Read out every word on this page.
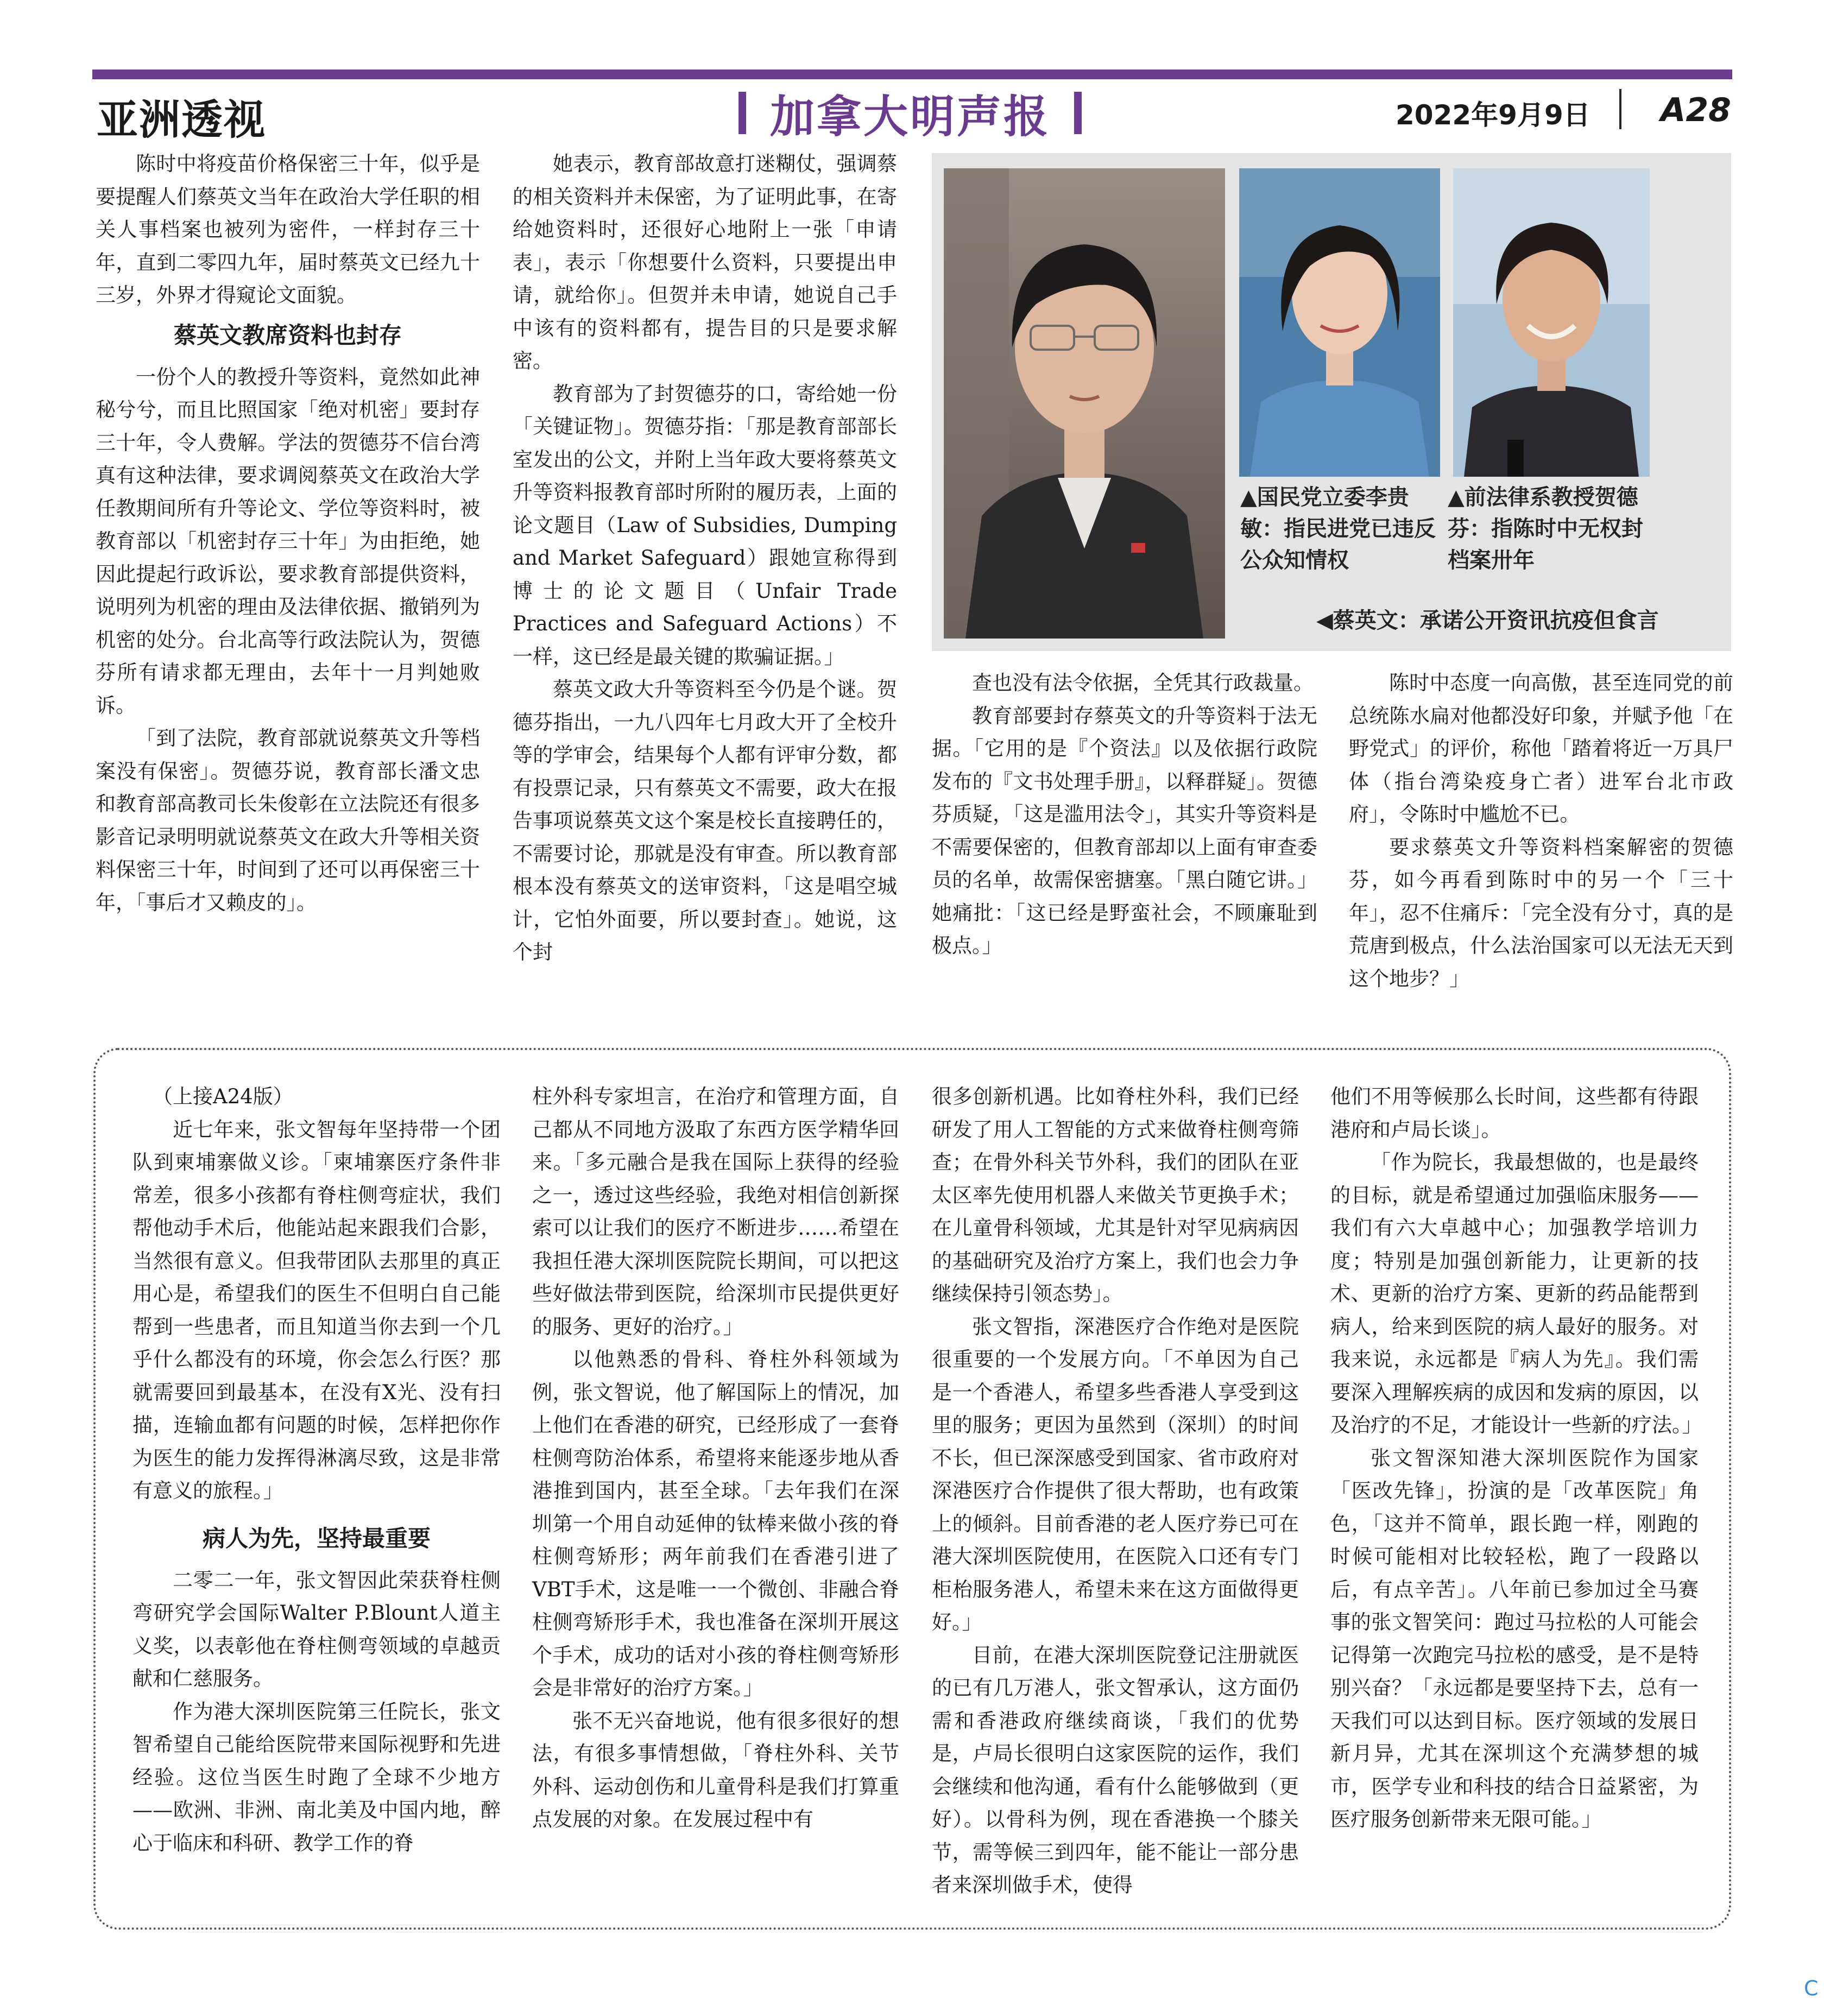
亚洲透视	加拿大明声报	2022年9月9日 A28

陈时中将疫苗价格保密三十年，似乎是要提醒人们蔡英文当年在政治大学任职的相关人事档案也被列为密件，一样封存三十年，直到二零四九年，届时蔡英文已经九十三岁，外界才得窥论文面貌。

蔡英文教席资料也封存

一份个人的教授升等资料，竟然如此神秘兮兮，而且比照国家「绝对机密」要封存三十年，令人费解。学法的贺德芬不信台湾真有这种法律，要求调阅蔡英文在政治大学任教期间所有升等论文、学位等资料时，被教育部以「机密封存三十年」为由拒绝，她因此提起行政诉讼，要求教育部提供资料，说明列为机密的理由及法律依据、撤销列为机密的处分。台北高等行政法院认为，贺德芬所有请求都无理由，去年十一月判她败诉。

「到了法院，教育部就说蔡英文升等档案没有保密」。贺德芬说，教育部长潘文忠和教育部高教司长朱俊彰在立法院还有很多影音记录明明就说蔡英文在政大升等相关资料保密三十年，时间到了还可以再保密三十年，「事后才又赖皮的」。

她表示，教育部故意打迷糊仗，强调蔡的相关资料并未保密，为了证明此事，在寄给她资料时，还很好心地附上一张「申请表」，表示「你想要什么资料，只要提出申请，就给你」。但贺并未申请，她说自己手中该有的资料都有，提告目的只是要求解密。

教育部为了封贺德芬的口，寄给她一份「关键证物」。贺德芬指：「那是教育部部长室发出的公文，并附上当年政大要将蔡英文升等资料报教育部时所附的履历表，上面的论文题目（Law of Subsidies, Dumping and Market Safeguard）跟她宣称得到博士的论文题目（Unfair Trade Practices and Safeguard Actions）不一样，这已经是最关键的欺骗证据。」

蔡英文政大升等资料至今仍是个谜。贺德芬指出，一九八四年七月政大开了全校升等的学审会，结果每个人都有评审分数，都有投票记录，只有蔡英文不需要，政大在报告事项说蔡英文这个案是校长直接聘任的，不需要讨论，那就是没有审查。所以教育部根本没有蔡英文的送审资料，「这是唱空城计，它怕外面要，所以要封查」。她说，这个封

▲国民党立委李贵敏：指民进党已违反公众知情权
▲前法律系教授贺德芬：指陈时中无权封档案卅年
◀蔡英文：承诺公开资讯抗疫但食言

查也没有法令依据，全凭其行政裁量。

教育部要封存蔡英文的升等资料于法无据。「它用的是『个资法』以及依据行政院发布的『文书处理手册』，以释群疑」。贺德芬质疑，「这是滥用法令」，其实升等资料是不需要保密的，但教育部却以上面有审查委员的名单，故需保密搪塞。「黑白随它讲。」她痛批：「这已经是野蛮社会，不顾廉耻到极点。」

陈时中态度一向高傲，甚至连同党的前总统陈水扁对他都没好印象，并赋予他「在野党式」的评价，称他「踏着将近一万具尸体（指台湾染疫身亡者）进军台北市政府」，令陈时中尴尬不已。

要求蔡英文升等资料档案解密的贺德芬，如今再看到陈时中的另一个「三十年」，忍不住痛斥：「完全没有分寸，真的是荒唐到极点，什么法治国家可以无法无天到这个地步？」

（上接A24版）

近七年来，张文智每年坚持带一个团队到柬埔寨做义诊。「柬埔寨医疗条件非常差，很多小孩都有脊柱侧弯症状，我们帮他动手术后，他能站起来跟我们合影，当然很有意义。但我带团队去那里的真正用心是，希望我们的医生不但明白自己能帮到一些患者，而且知道当你去到一个几乎什么都没有的环境，你会怎么行医？那就需要回到最基本，在没有X光、没有扫描，连输血都有问题的时候，怎样把你作为医生的能力发挥得淋漓尽致，这是非常有意义的旅程。」

病人为先，坚持最重要

二零二一年，张文智因此荣获脊柱侧弯研究学会国际Walter P.Blount人道主义奖，以表彰他在脊柱侧弯领域的卓越贡献和仁慈服务。

作为港大深圳医院第三任院长，张文智希望自己能给医院带来国际视野和先进经验。这位当医生时跑了全球不少地方——欧洲、非洲、南北美及中国内地，醉心于临床和科研、教学工作的脊

柱外科专家坦言，在治疗和管理方面，自己都从不同地方汲取了东西方医学精华回来。「多元融合是我在国际上获得的经验之一，透过这些经验，我绝对相信创新探索可以让我们的医疗不断进步……希望在我担任港大深圳医院院长期间，可以把这些好做法带到医院，给深圳市民提供更好的服务、更好的治疗。」

以他熟悉的骨科、脊柱外科领域为例，张文智说，他了解国际上的情况，加上他们在香港的研究，已经形成了一套脊柱侧弯防治体系，希望将来能逐步地从香港推到国内，甚至全球。「去年我们在深圳第一个用自动延伸的钛棒来做小孩的脊柱侧弯矫形；两年前我们在香港引进了VBT手术，这是唯一一个微创、非融合脊柱侧弯矫形手术，我也准备在深圳开展这个手术，成功的话对小孩的脊柱侧弯矫形会是非常好的治疗方案。」

张不无兴奋地说，他有很多很好的想法，有很多事情想做，「脊柱外科、关节外科、运动创伤和儿童骨科是我们打算重点发展的对象。在发展过程中有

很多创新机遇。比如脊柱外科，我们已经研发了用人工智能的方式来做脊柱侧弯筛查；在骨外科关节外科，我们的团队在亚太区率先使用机器人来做关节更换手术；在儿童骨科领域，尤其是针对罕见病病因的基础研究及治疗方案上，我们也会力争继续保持引领态势」。

张文智指，深港医疗合作绝对是医院很重要的一个发展方向。「不单因为自己是一个香港人，希望多些香港人享受到这里的服务；更因为虽然到（深圳）的时间不长，但已深深感受到国家、省市政府对深港医疗合作提供了很大帮助，也有政策上的倾斜。目前香港的老人医疗券已可在港大深圳医院使用，在医院入口还有专门柜枱服务港人，希望未来在这方面做得更好。」

目前，在港大深圳医院登记注册就医的已有几万港人，张文智承认，这方面仍需和香港政府继续商谈，「我们的优势是，卢局长很明白这家医院的运作，我们会继续和他沟通，看有什么能够做到（更好）。以骨科为例，现在香港换一个膝关节，需等候三到四年，能不能让一部分患者来深圳做手术，使得

他们不用等候那么长时间，这些都有待跟港府和卢局长谈」。

「作为院长，我最想做的，也是最终的目标，就是希望通过加强临床服务——我们有六大卓越中心；加强教学培训力度；特别是加强创新能力，让更新的技术、更新的治疗方案、更新的药品能帮到病人，给来到医院的病人最好的服务。对我来说，永远都是『病人为先』。我们需要深入理解疾病的成因和发病的原因，以及治疗的不足，才能设计一些新的疗法。」

张文智深知港大深圳医院作为国家「医改先锋」，扮演的是「改革医院」角色，「这并不简单，跟长跑一样，刚跑的时候可能相对比较轻松，跑了一段路以后，有点辛苦」。八年前已参加过全马赛事的张文智笑问：跑过马拉松的人可能会记得第一次跑完马拉松的感受，是不是特别兴奋？「永远都是要坚持下去，总有一天我们可以达到目标。医疗领域的发展日新月异，尤其在深圳这个充满梦想的城市，医学专业和科技的结合日益紧密，为医疗服务创新带来无限可能。」

C
